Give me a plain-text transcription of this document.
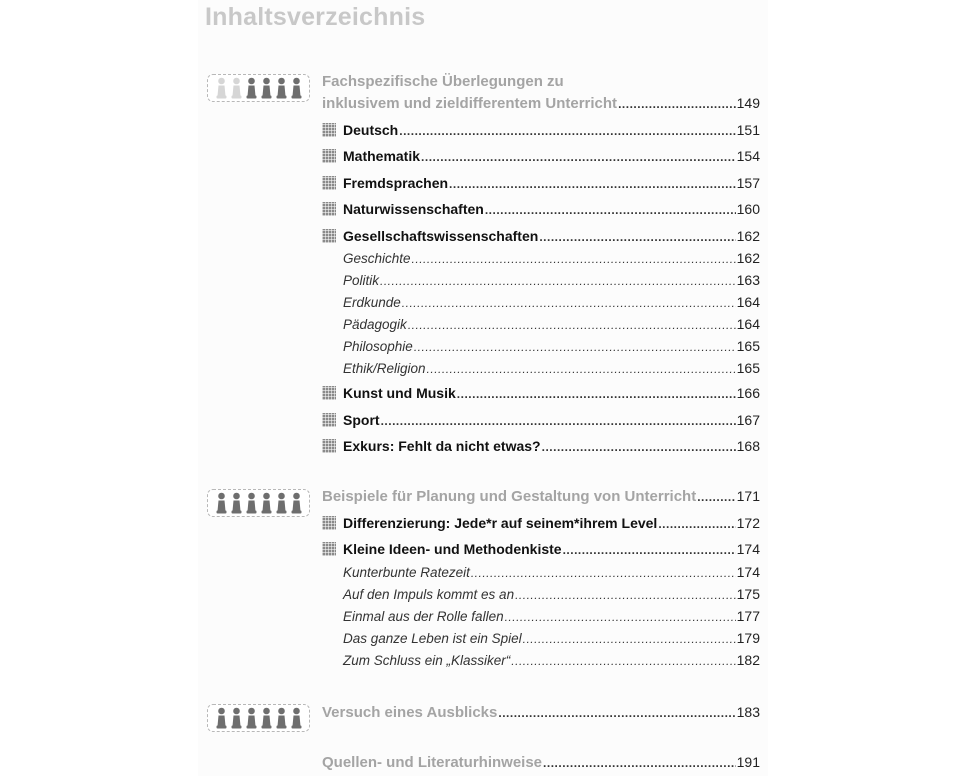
Inhaltsverzeichnis
Fachspezifische Überlegungen zu
inklusivem und zieldifferentem Unterricht .....	149
Deutsch .....	151
Mathematik .....	154
Fremdsprachen .....	157
Naturwissenschaften .....	160
Gesellschaftswissenschaften .....	162
Geschichte .....	162
Politik .....	163
Erdkunde .....	164
Pädagogik .....	164
Philosophie .....	165
Ethik/Religion .....	165
Kunst und Musik .....	166
Sport .....	167
Exkurs: Fehlt da nicht etwas? .....	168
Beispiele für Planung und Gestaltung von Unterricht .....	171
Differenzierung: Jede*r auf seinem*ihrem Level .....	172
Kleine Ideen- und Methodenkiste .....	174
Kunterbunte Ratezeit .....	174
Auf den Impuls kommt es an .....	175
Einmal aus der Rolle fallen .....	177
Das ganze Leben ist ein Spiel .....	179
Zum Schluss ein „Klassiker“ .....	182
Versuch eines Ausblicks .....	183
Quellen- und Literaturhinweise .....	191
